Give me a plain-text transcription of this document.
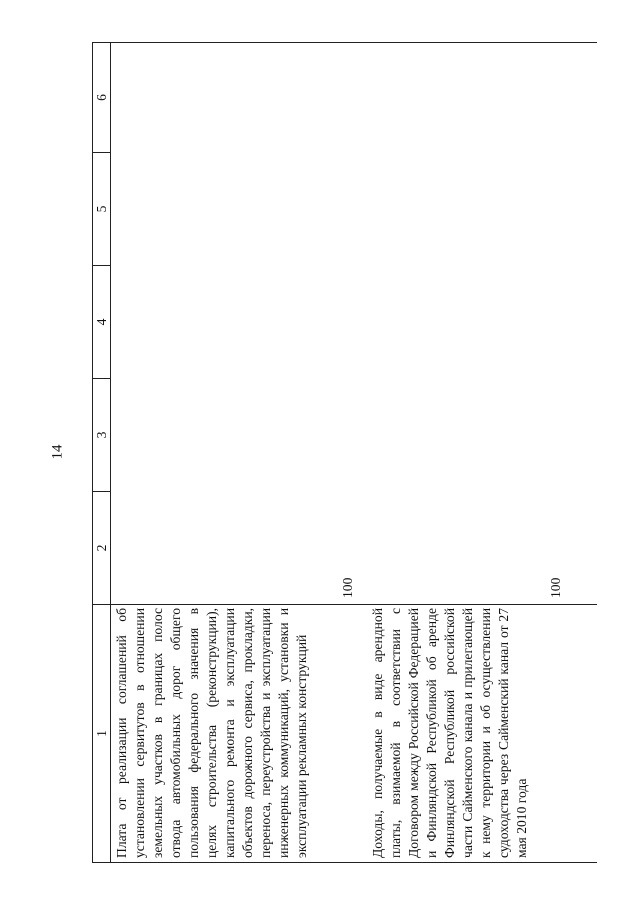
14
1	2	3	4	5	6

Плата от реализации соглашений об установлении сервитутов в отношении земельных участков в границах полос отвода автомобильных дорог общего пользования федерального значения в целях строительства (реконструкции), капитального ремонта и эксплуатации объектов дорожного сервиса, прокладки, переноса, переустройства и эксплуатации инженерных коммуникаций, установки и эксплуатации рекламных конструкций	100				

Доходы, получаемые в виде арендной платы, взимаемой в соответствии с Договором между Российской Федерацией и Финляндской Республикой об аренде Финляндской Республикой российской части Сайменского канала и прилегающей к нему территории и об осуществлении судоходства через Сайменский канал от 27 мая 2010 года	100				
